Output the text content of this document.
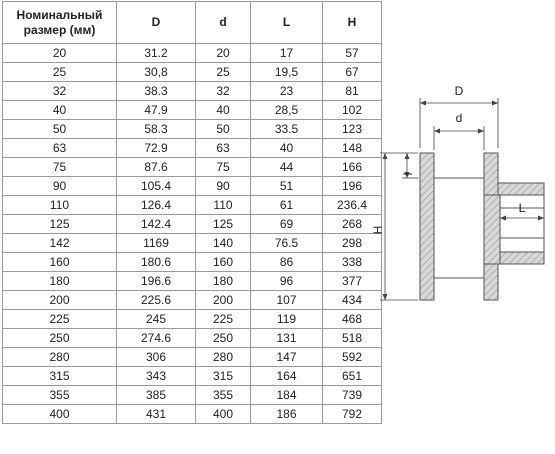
Номинальный размер (мм)	D	d	L	H
20	31.2	20	17	57
25	30,8	25	19,5	67
32	38.3	32	23	81
40	47.9	40	28,5	102
50	58.3	50	33.5	123
63	72.9	63	40	148
75	87.6	75	44	166
90	105.4	90	51	196
110	126.4	110	61	236.4
125	142.4	125	69	268
142	1169	140	76.5	298
160	180.6	160	86	338
180	196.6	180	96	377
200	225.6	200	107	434
225	245	225	119	468
250	274.6	250	131	518
280	306	280	147	592
315	343	315	164	651
355	385	355	184	739
400	431	400	186	792
D
d
H
l
L
